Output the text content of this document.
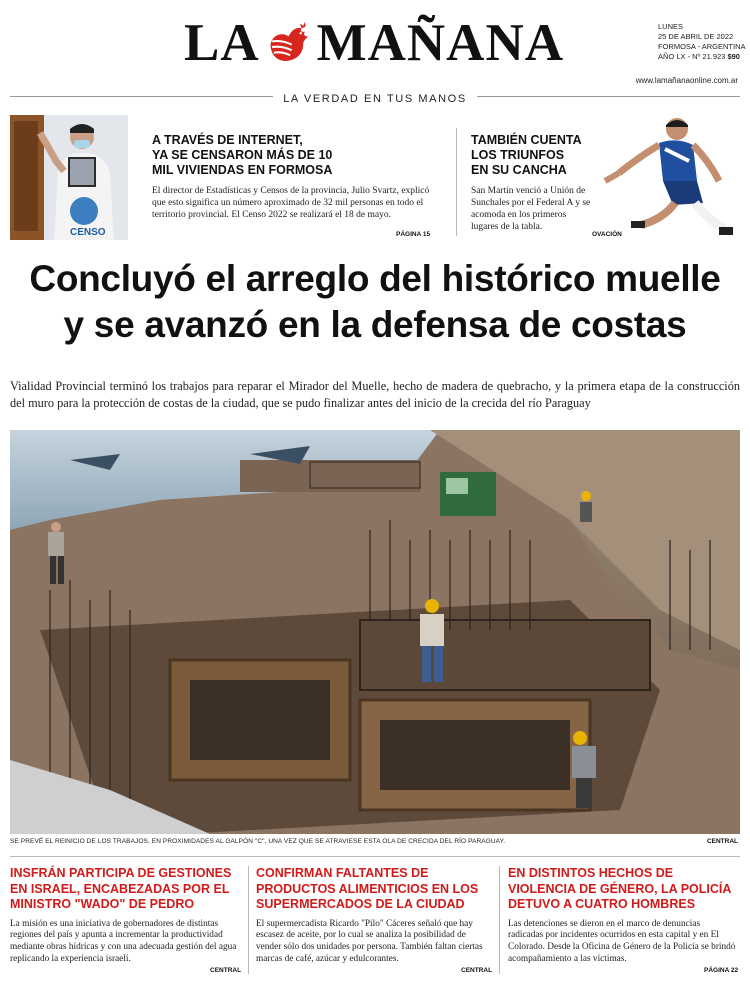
LA MAÑANA	LUNES
25 DE ABRIL DE 2022
FORMOSA - ARGENTINA
AÑO LX - Nº 21.923 $90
www.lamañanaonline.com.ar
LA VERDAD EN TUS MANOS
CENSO
A TRAVÉS DE INTERNET,
YA SE CENSARON MÁS DE 10
MIL VIVIENDAS EN FORMOSA
El director de Estadísticas y Censos de la provincia, Julio Svartz, explicó que esto significa un número aproximado de 32 mil personas en todo el territorio provincial. El Censo 2022 se realizará el 18 de mayo.
PÁGINA 15
TAMBIÉN CUENTA
LOS TRIUNFOS
EN SU CANCHA
San Martín venció a Unión de Sunchales por el Federal A y se acomoda en los primeros lugares de la tabla.
OVACIÓN
Concluyó el arreglo del histórico muelle
y se avanzó en la defensa de costas
Vialidad Provincial terminó los trabajos para reparar el Mirador del Muelle, hecho de madera de quebracho, y la primera etapa de la construcción del muro para la protección de costas de la ciudad, que se pudo finalizar antes del inicio de la crecida del río Paraguay
SE PREVÉ EL REINICIO DE LOS TRABAJOS, EN PROXIMIDADES AL GALPÓN "C", UNA VEZ QUE SE ATRAVIESE ESTA OLA DE CRECIDA DEL RÍO PARAGUAY.	CENTRAL
INSFRÁN PARTICIPA DE GESTIONES EN ISRAEL, ENCABEZADAS POR EL MINISTRO "WADO" DE PEDRO
La misión es una iniciativa de gobernadores de distintas regiones del país y apunta a incrementar la productividad mediante obras hídricas y con una adecuada gestión del agua replicando la experiencia israelí.
CENTRAL
CONFIRMAN FALTANTES DE PRODUCTOS ALIMENTICIOS EN LOS SUPERMERCADOS DE LA CIUDAD
El supermercadista Ricardo "Pilo" Cáceres señaló que hay escasez de aceite, por lo cual se analiza la posibilidad de vender sólo dos unidades por persona. También faltan ciertas marcas de café, azúcar y edulcorantes.
CENTRAL
EN DISTINTOS HECHOS DE VIOLENCIA DE GÉNERO, LA POLICÍA DETUVO A CUATRO HOMBRES
Las detenciones se dieron en el marco de denuncias radicadas por incidentes ocurridos en esta capital y en El Colorado. Desde la Oficina de Género de la Policía se brindó acompañamiento a las víctimas.
PÁGINA 22
